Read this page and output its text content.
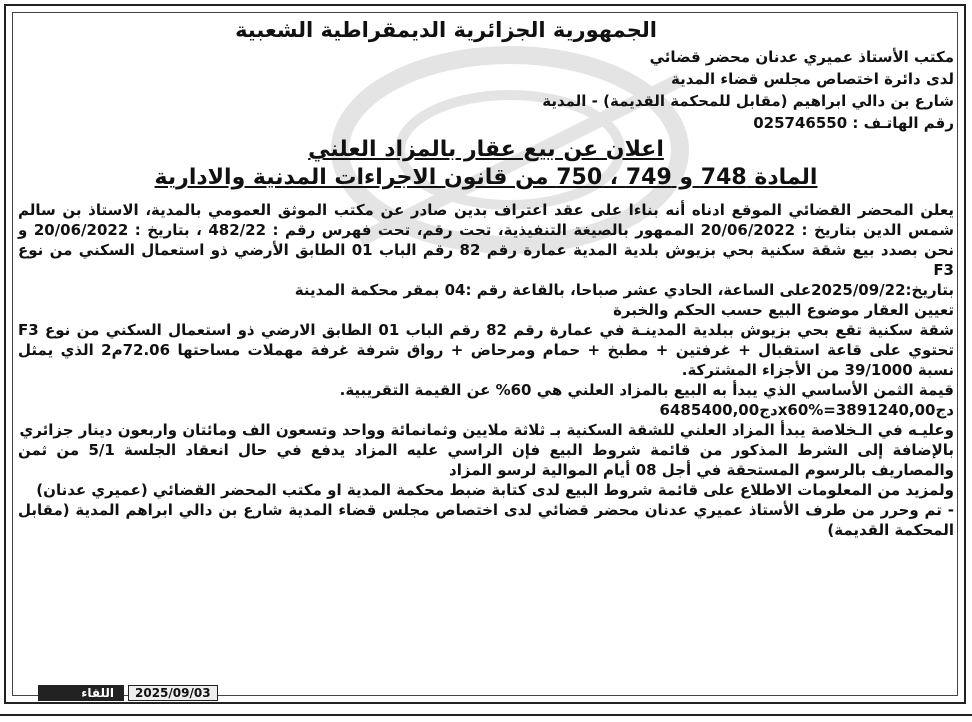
الجمهورية الجزائرية الديمقراطية الشعبية
مكتب الأستاذ عميري عدنان محضر قضائي
لدى دائرة اختصاص مجلس قضاء المدية
شارع بن دالي ابراهيم (مقابل للمحكمة القديمة) - المدية
رقم الهاتـف : 025746550
اعلان عن بيع عقار بالمزاد العلني
المادة 748 و 749 ، 750 من قانون الاجراءات المدنية والادارية

يعلن المحضر القضائي الموقع ادناه أنه بناءا على عقد اعتراف بدين صادر عن مكتب الموثق العمومي بالمدية، الاستاذ بن سالم شمس الدين بتاريخ : 20/06/2022 الممهور بالصيغة التنفيذية، تحت رقم، تحت فهرس رقم : 482/22 ، بتاريخ : 20/06/2022 و نحن بصدد بيع شقة سكنية بحي بزيوش بلدية المدية عمارة رقم 82 رقم الباب 01 الطابق الأرضي ذو استعمال السكني من نوع F3

بتاريخ:2025/09/22على الساعة، الحادي عشر صباحا، بالقاعة رقم :04 بمقر محكمة المدينة

تعيين العقار موضوع البيع حسب الحكم والخبرة

شقة سكنية تقع بحي بزيوش ببلدية المدينـة في عمارة رقم 82 رقم الباب 01 الطابق الارضي ذو استعمال السكني من نوع F3 تحتوي على قاعة استقبال + غرفتين + مطبخ + حمام ومرحاض + رواق شرفة غرفة مهملات مساحتها 72.06م2 الذي يمثل نسبة 39/1000 من الأجزاء المشتركة.

قيمة الثمن الأساسي الذي يبدأ به البيع بالمزاد العلني هي 60% عن القيمة التقريبية.

6485400,00دجx60%=3891240,00دج

وعليـه في الـخلاصة يبدأ المزاد العلني للشقة السكنية بـ ثلاثة ملايين وثمانمائة وواحد وتسعون الف ومائتان واربعون دينار جزائري

بالإضافة إلى الشرط المذكور من قائمة شروط البيع فإن الراسي عليه المزاد يدفع في حال انعقاد الجلسة 5/1 من ثمن والمصاريف بالرسوم المستحقة في أجل 08 أيام الموالية لرسو المزاد

ولمزيد من المعلومات الاطلاع على قائمة شروط البيع لدى كتابة ضبط محكمة المدية او مكتب المحضر القضائي (عميري عدنان)

- تم وحرر من طرف الأستاذ عميري عدنان محضر قضائي لدى اختصاص مجلس قضاء المدية شارع بن دالي ابراهم المدية (مقابل المحكمة القديمة)

اللقاء	2025/09/03
